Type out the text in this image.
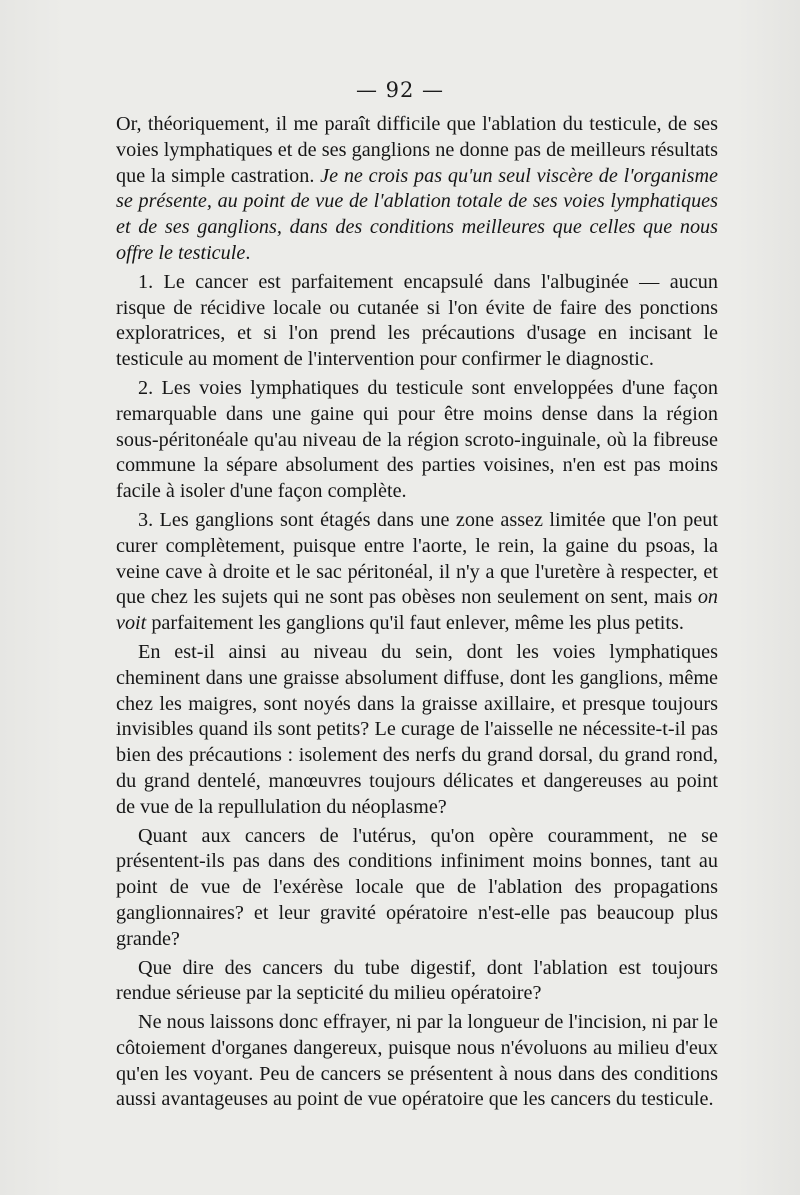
— 92 —

Or, théoriquement, il me paraît difficile que l'ablation du testicule, de ses voies lymphatiques et de ses ganglions ne donne pas de meilleurs résultats que la simple castration. Je ne crois pas qu'un seul viscère de l'organisme se présente, au point de vue de l'ablation totale de ses voies lymphatiques et de ses ganglions, dans des conditions meilleures que celles que nous offre le testicule.

1. Le cancer est parfaitement encapsulé dans l'albuginée — aucun risque de récidive locale ou cutanée si l'on évite de faire des ponctions exploratrices, et si l'on prend les précautions d'usage en incisant le testicule au moment de l'intervention pour confirmer le diagnostic.

2. Les voies lymphatiques du testicule sont enveloppées d'une façon remarquable dans une gaine qui pour être moins dense dans la région sous-péritonéale qu'au niveau de la région scroto-inguinale, où la fibreuse commune la sépare absolument des parties voisines, n'en est pas moins facile à isoler d'une façon complète.

3. Les ganglions sont étagés dans une zone assez limitée que l'on peut curer complètement, puisque entre l'aorte, le rein, la gaine du psoas, la veine cave à droite et le sac péritonéal, il n'y a que l'uretère à respecter, et que chez les sujets qui ne sont pas obèses non seulement on sent, mais on voit parfaitement les ganglions qu'il faut enlever, même les plus petits.

En est-il ainsi au niveau du sein, dont les voies lymphatiques cheminent dans une graisse absolument diffuse, dont les ganglions, même chez les maigres, sont noyés dans la graisse axillaire, et presque toujours invisibles quand ils sont petits? Le curage de l'aisselle ne nécessite-t-il pas bien des précautions : isolement des nerfs du grand dorsal, du grand rond, du grand dentelé, manœuvres toujours délicates et dangereuses au point de vue de la repullulation du néoplasme?

Quant aux cancers de l'utérus, qu'on opère couramment, ne se présentent-ils pas dans des conditions infiniment moins bonnes, tant au point de vue de l'exérèse locale que de l'ablation des propagations ganglionnaires? et leur gravité opératoire n'est-elle pas beaucoup plus grande?

Que dire des cancers du tube digestif, dont l'ablation est toujours rendue sérieuse par la septicité du milieu opératoire?

Ne nous laissons donc effrayer, ni par la longueur de l'incision, ni par le côtoiement d'organes dangereux, puisque nous n'évoluons au milieu d'eux qu'en les voyant. Peu de cancers se présentent à nous dans des conditions aussi avantageuses au point de vue opératoire que les cancers du testicule.
